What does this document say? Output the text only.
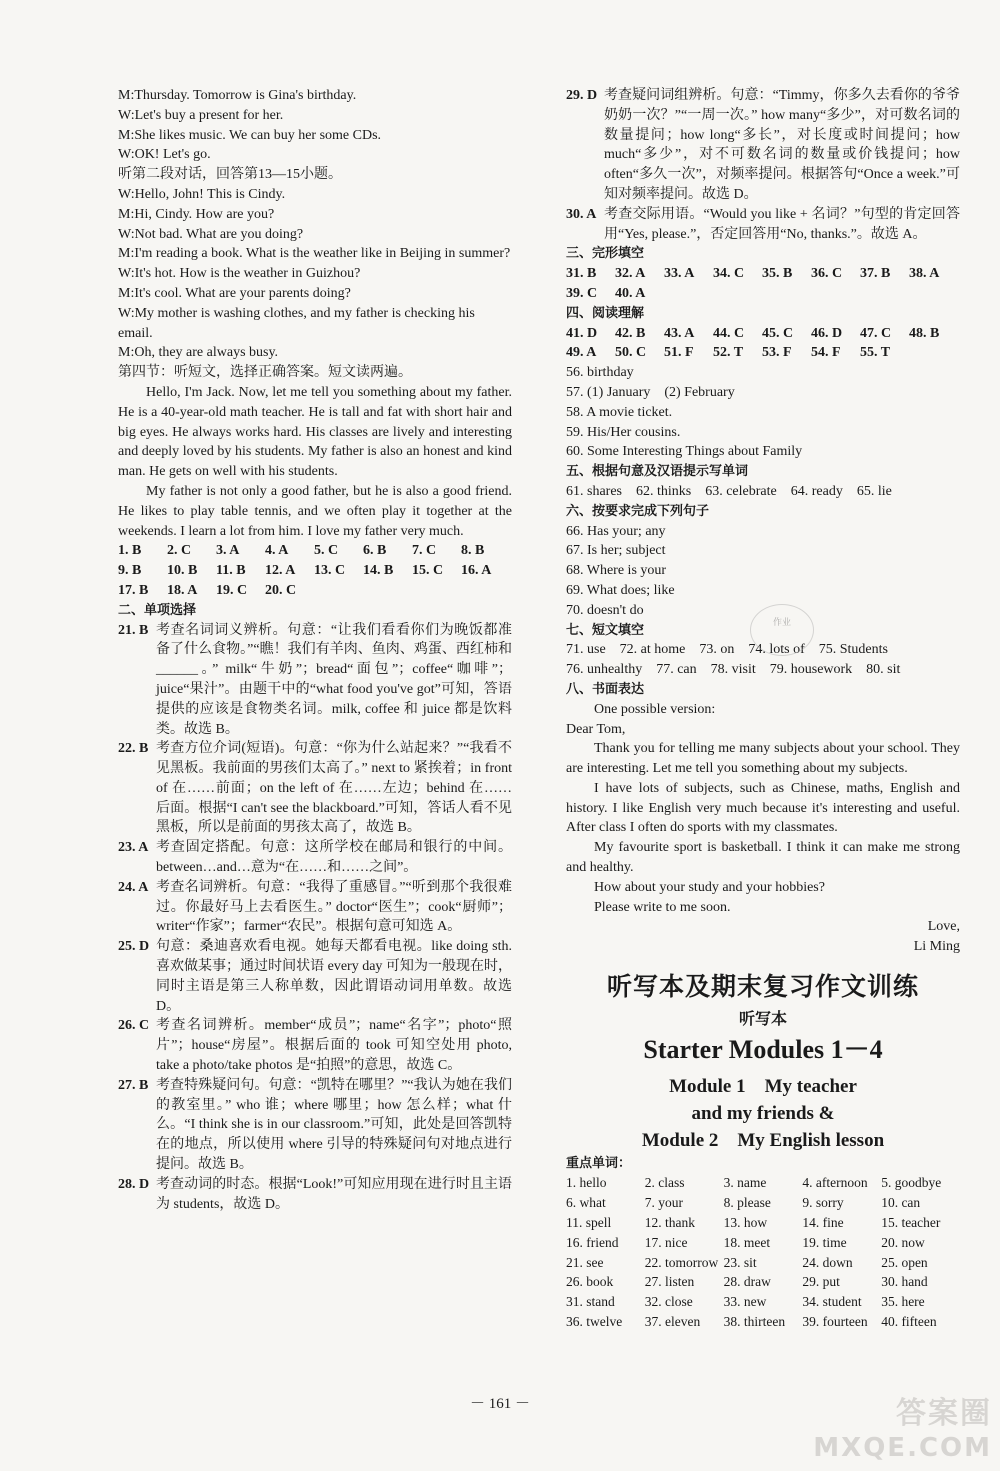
M:Thursday. Tomorrow is Gina's birthday.
W:Let's buy a present for her.
M:She likes music. We can buy her some CDs.
W:OK! Let's go.
听第二段对话，回答第13—15小题。
W:Hello, John! This is Cindy.
M:Hi, Cindy. How are you?
W:Not bad. What are you doing?
M:I'm reading a book. What is the weather like in Beijing in summer?
W:It's hot. How is the weather in Guizhou?
M:It's cool. What are your parents doing?
W:My mother is washing clothes, and my father is checking his email.
M:Oh, they are always busy.
第四节：听短文，选择正确答案。短文读两遍。
Hello, I'm Jack. Now, let me tell you something about my father. He is a 40-year-old math teacher. He is tall and fat with short hair and big eyes. He always works hard. His classes are lively and interesting and deeply loved by his students. My father is also an honest and kind man. He gets on well with his students.
My father is not only a good father, but he is also a good friend. He likes to play table tennis, and we often play it together at the weekends. I learn a lot from him. I love my father very much.
1. B	2. C	3. A	4. A	5. C	6. B	7. C	8. B
9. B	10. B	11. B	12. A	13. C	14. B	15. C	16. A
17. B	18. A	19. C	20. C
二、单项选择
21. B 考查名词词义辨析。句意：“让我们看看你们为晚饭都准备了什么食物。”“瞧！我们有羊肉、鱼肉、鸡蛋、西红柿和______。” milk“牛奶”；bread“面包”；coffee“咖啡”；juice“果汁”。由题干中的“what food you've got”可知，答语提供的应该是食物类名词。milk, coffee 和 juice 都是饮料类。故选 B。
22. B 考查方位介词(短语)。句意：“你为什么站起来？”“我看不见黑板。我前面的男孩们太高了。” next to 紧挨着；in front of 在……前面；on the left of 在……左边；behind 在……后面。根据“I can't see the blackboard.”可知，答话人看不见黑板，所以是前面的男孩太高了，故选 B。
23. A 考查固定搭配。句意：这所学校在邮局和银行的中间。between…and…意为“在……和……之间”。
24. A 考查名词辨析。句意：“我得了重感冒。”“听到那个我很难过。你最好马上去看医生。” doctor“医生”；cook“厨师”；writer“作家”；farmer“农民”。根据句意可知选 A。
25. D 句意：桑迪喜欢看电视。她每天都看电视。like doing sth. 喜欢做某事；通过时间状语 every day 可知为一般现在时，同时主语是第三人称单数，因此谓语动词用单数。故选 D。
26. C 考查名词辨析。member“成员”；name“名字”；photo“照片”；house“房屋”。根据后面的 took 可知空处用 photo, take a photo/take photos 是“拍照”的意思，故选 C。
27. B 考查特殊疑问句。句意：“凯特在哪里？”“我认为她在我们的教室里。” who 谁；where 哪里；how 怎么样；what 什么。“I think she is in our classroom.”可知，此处是回答凯特在的地点，所以使用 where 引导的特殊疑问句对地点进行提问。故选 B。
28. D 考查动词的时态。根据“Look!”可知应用现在进行时且主语为 students，故选 D。
29. D 考查疑问词组辨析。句意：“Timmy，你多久去看你的爷爷奶奶一次？”“一周一次。” how many“多少”，对可数名词的数量提问；how long“多长”，对长度或时间提问；how much“多少”，对不可数名词的数量或价钱提问；how often“多久一次”，对频率提问。根据答句“Once a week.”可知对频率提问。故选 D。
30. A 考查交际用语。“Would you like + 名词？”句型的肯定回答用“Yes, please.”，否定回答用“No, thanks.”。故选 A。
三、完形填空
31. B	32. A	33. A	34. C	35. B	36. C	37. B	38. A
39. C	40. A
四、阅读理解
41. D	42. B	43. A	44. C	45. C	46. D	47. C	48. B
49. A	50. C	51. F	52. T	53. F	54. F	55. T
56. birthday
57. (1) January　(2) February
58. A movie ticket.
59. His/Her cousins.
60. Some Interesting Things about Family
五、根据句意及汉语提示写单词
61. shares　62. thinks　63. celebrate　64. ready　65. lie
六、按要求完成下列句子
66. Has your; any
67. Is her; subject
68. Where is your
69. What does; like
70. doesn't do
七、短文填空
71. use　72. at home　73. on　74. lots of　75. Students
76. unhealthy　77. can　78. visit　79. housework　80. sit
八、书面表达
One possible version:
Dear Tom,
Thank you for telling me many subjects about your school. They are interesting. Let me tell you something about my subjects.
I have lots of subjects, such as Chinese, maths, English and history. I like English very much because it's interesting and useful. After class I often do sports with my classmates.
My favourite sport is basketball. I think it can make me strong and healthy.
How about your study and your hobbies?
Please write to me soon.
Love,
Li Ming
听写本及期末复习作文训练
听写本
Starter Modules 1－4
Module 1　My teacher
and my friends &
Module 2　My English lesson
重点单词：
1. hello	2. class	3. name	4. afternoon	5. goodbye
6. what	7. your	8. please	9. sorry	10. can
11. spell	12. thank	13. how	14. fine	15. teacher
16. friend	17. nice	18. meet	19. time	20. now
21. see	22. tomorrow 23. sit	24. down	25. open
26. book	27. listen	28. draw	29. put	30. hand
31. stand	32. close	33. new	34. student	35. here
36. twelve	37. eleven	38. thirteen	39. fourteen	40. fifteen
作业
－ 161 －	答案圈
MXQE.COM
